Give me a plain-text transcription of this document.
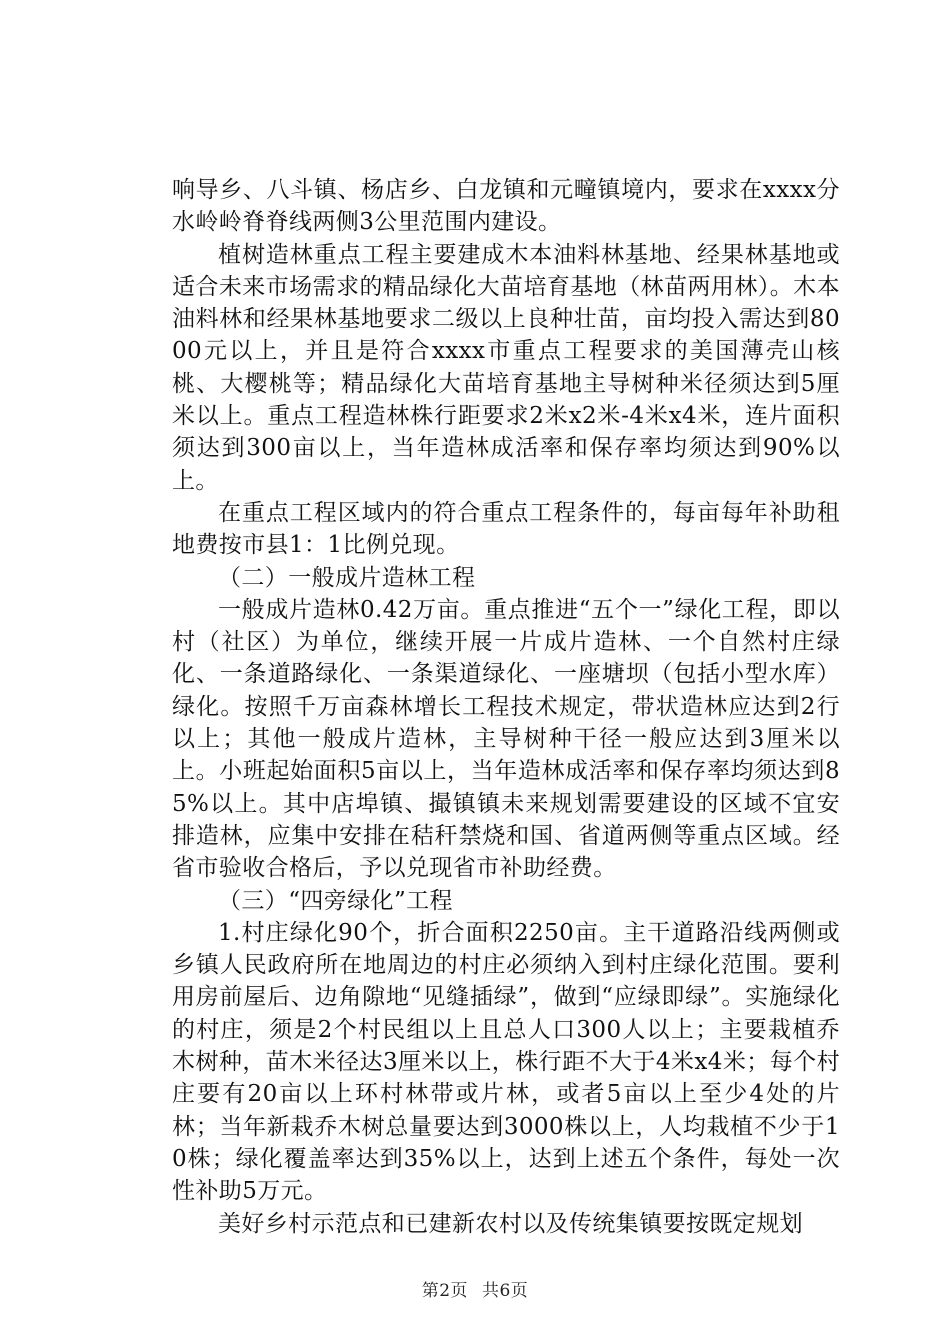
响导乡、八斗镇、杨店乡、白龙镇和元疃镇境内，要求在xxxx分水岭岭脊脊线两侧3公里范围内建设。

植树造林重点工程主要建成木本油料林基地、经果林基地或适合未来市场需求的精品绿化大苗培育基地（林苗两用林）。木本油料林和经果林基地要求二级以上良种壮苗，亩均投入需达到8000元以上，并且是符合xxxx市重点工程要求的美国薄壳山核桃、大樱桃等；精品绿化大苗培育基地主导树种米径须达到5厘米以上。重点工程造林株行距要求2米x2米-4米x4米，连片面积须达到300亩以上，当年造林成活率和保存率均须达到90%以上。

在重点工程区域内的符合重点工程条件的，每亩每年补助租地费按市县1：1比例兑现。

（二）一般成片造林工程

一般成片造林0.42万亩。重点推进“五个一”绿化工程，即以村（社区）为单位，继续开展一片成片造林、一个自然村庄绿化、一条道路绿化、一条渠道绿化、一座塘坝（包括小型水库）绿化。按照千万亩森林增长工程技术规定，带状造林应达到2行以上；其他一般成片造林，主导树种干径一般应达到3厘米以上。小班起始面积5亩以上，当年造林成活率和保存率均须达到85%以上。其中店埠镇、撮镇镇未来规划需要建设的区域不宜安排造林，应集中安排在秸秆禁烧和国、省道两侧等重点区域。经省市验收合格后，予以兑现省市补助经费。

（三）“四旁绿化”工程

1.村庄绿化90个，折合面积2250亩。主干道路沿线两侧或乡镇人民政府所在地周边的村庄必须纳入到村庄绿化范围。要利用房前屋后、边角隙地“见缝插绿”，做到“应绿即绿”。实施绿化的村庄，须是2个村民组以上且总人口300人以上；主要栽植乔木树种，苗木米径达3厘米以上，株行距不大于4米x4米；每个村庄要有20亩以上环村林带或片林，或者5亩以上至少4处的片林；当年新栽乔木树总量要达到3000株以上，人均栽植不少于10株；绿化覆盖率达到35%以上，达到上述五个条件，每处一次性补助5万元。

美好乡村示范点和已建新农村以及传统集镇要按既定规划

第2页 共6页
